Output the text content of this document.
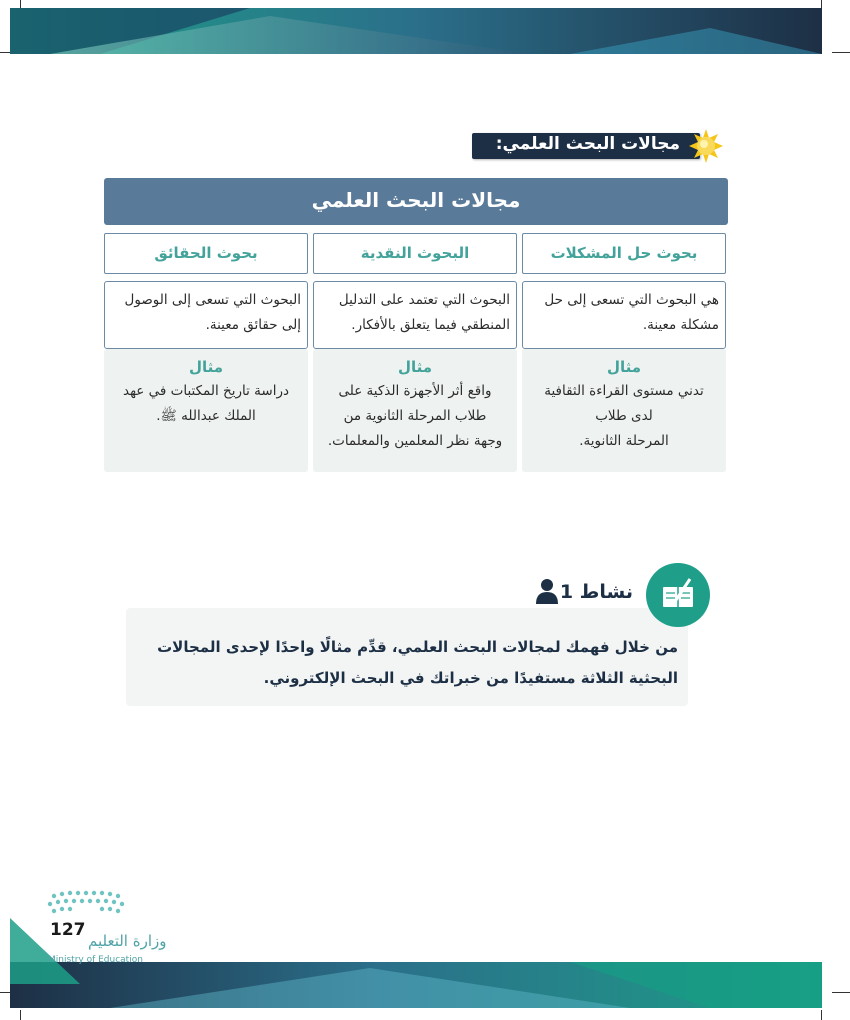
مجالات البحث العلمي:
مجالات البحث العلمي
بحوث حل المشكلات
هي البحوث التي تسعى إلى حل مشكلة معينة.
مثال
تدني مستوى القراءة الثقافية
لدى طلاب
المرحلة الثانوية.
البحوث النقدية
البحوث التي تعتمد على التدليل المنطقي فيما يتعلق بالأفكار.
مثال
واقع أثر الأجهزة الذكية على
طلاب المرحلة الثانوية من
وجهة نظر المعلمين والمعلمات.
بحوث الحقائق
البحوث التي تسعى إلى الوصول إلى حقائق معينة.
مثال
دراسة تاريخ المكتبات في عهد
الملك عبدالله ﷺ.
نشاط 1
من خلال فهمك لمجالات البحث العلمي، قدِّم مثالًا واحدًا لإحدى المجالات البحثية الثلاثة مستفيدًا من خبراتك في البحث الإلكتروني.
127
وزارة التعليم
Ministry of Education
